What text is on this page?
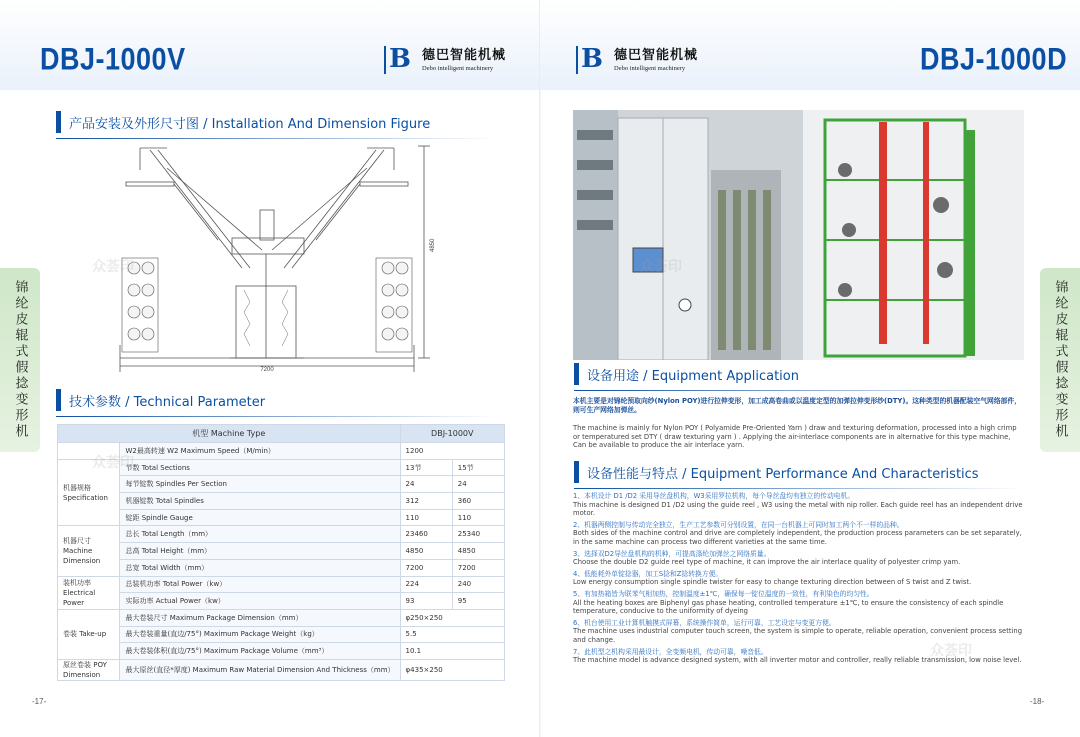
DBJ-1000V	B 德巴智能机械
Debo intelligent machinery
产品安装及外形尺寸图 / Installation And Dimension Figure
7200
4850
技术参数 / Technical Parameter
机型 Machine Type		DBJ-1000V	
	W2最高转速 W2 Maximum Speed（M/min）	1200	
机器规格 Specification	节数 Total Sections	13节	15节
	每节锭数 Spindles Per Section	24	24
	机器锭数 Total Spindles	312	360
	锭距 Spindle Gauge	110	110
机器尺寸 Machine Dimension	总长 Total Length（mm）	23460	25340
	总高 Total Height（mm）	4850	4850
	总宽 Total Width（mm）	7200	7200
装机功率 Electrical Power	总装机功率 Total Power（kw）	224	240
	实际功率 Actual Power（kw）	93	95
卷装 Take-up	最大卷装尺寸 Maximum Package Dimension（mm）	φ250×250	
	最大卷装重量(直边/75°) Maximum Package Weight（kg）	5.5	
	最大卷装体积(直边/75°) Maximum Package Volume（mm³）	10.1	
原丝卷装 POY Dimension	最大原丝(直径*厚度) Maximum Raw Material Dimension And Thickness（mm）	φ435×250	
锦纶皮辊式假捻变形机
-17-
B 德巴智能机械
Debo intelligent machinery	DBJ-1000D
锦纶皮辊式假捻变形机
-18-
设备用途 / Equipment Application
本机主要是对锦纶预取向纱(Nylon POY)进行拉伸变形，加工成高卷曲或以温度定型的加弹拉伸变形纱(DTY)。这种类型的机器配装空气网络部件，则可生产网络加弹丝。
The machine is mainly for Nylon POY ( Polyamide Pre-Oriented Yarn ) draw and texturing deformation, processed into a high crimp or temperatured set DTY ( draw texturing yarn ) . Applying the air-interlace components are in alternative for this type machine, Can be available to produce the air interlace yarn.
设备性能与特点 / Equipment Performance And Characteristics
1、本机设计 D1 /D2 采用导丝盘机构，W3采用罗拉机构，每个导丝盘均有独立的传动电机。
This machine is designed D1 /D2 using the guide reel , W3 using the metal with nip roller. Each guide reel has an independent drive motor.
2、机器两侧控制与传动完全独立，生产工艺参数可分别设置，在同一台机器上可同时加工两个不一样的品种。
Both sides of the machine control and drive are completely independent, the production process parameters can be set separately, in the same machine can process two different varieties at the same time.
3、选择双D2导丝盘机构的机种，可提高涤纶加弹丝之网络质量。
Choose the double D2 guide reel type of machine, it can improve the air interlace quality of polyester crimp yam.
4、低能耗外单锭捻器，加工S捻和Z捻转换方便。
Low energy consumption single spindle twister for easy to change texturing direction between of S twist and Z twist.
5、有加热箱皆为联苯气相加热，控制温度±1℃，确保每一锭位温度的一致性，有利染色的均匀性。
All the heating boxes are Biphenyl gas phase heating, controlled temperature ±1℃, to ensure the consistency of each spindle temperature, conducive to the uniformity of dyeing
6、机台使用工业计算机触摸式屏幕，系统操作简单，运行可靠，工艺设定与变更方便。
The machine uses industrial computer touch screen, the system is simple to operate, reliable operation, convenient process setting and change.
7、此机型之机构采用最设计，全变频电机，传动可靠，噪音低。
The machine model is advance designed system, with all inverter motor and controller, really reliable transmission, low noise level.
众荟印
众荟印
众荟印
众荟印
